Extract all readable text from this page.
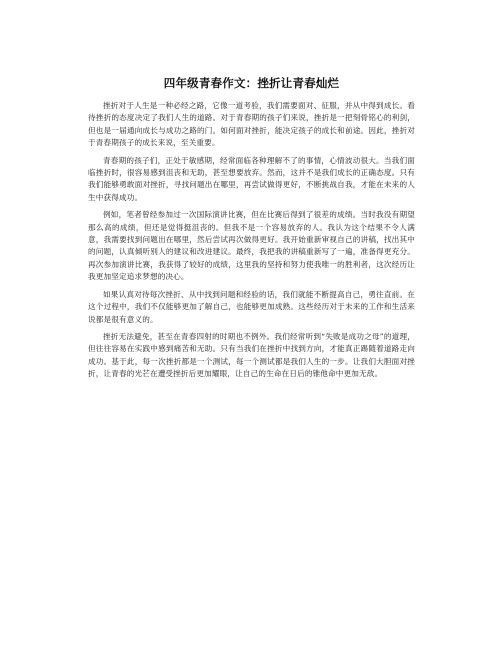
四年级青春作文：挫折让青春灿烂

挫折对于人生是一种必经之路，它像一道考验，我们需要面对、征服，并从中得到成长。看待挫折的态度决定了我们人生的道路。对于青春期的孩子们来说，挫折是一把刻骨铭心的利剑，但也是一届通向成长与成功之路的门。如何面对挫折，能决定孩子的成长和前途。因此，挫折对于青春期孩子的成长来说，至关重要。

青春期的孩子们，正处于敏感期，经常面临各种理解不了的事情，心情波动很大。当我们面临挫折时，很容易感到沮丧和无助，甚至想要放弃。然而，这并不是我们成长的正确态度。只有我们能够勇敢面对挫折，寻找问题出在哪里，再尝试做得更好，不断挑战自我，才能在未来的人生中获得成功。

例如，笔者曾经参加过一次国际演讲比赛，但在比赛后得到了很差的成绩。当时我没有期望那么高的成绩，但还是觉得挺沮丧的。但我不是一个容易放弃的人。我认为这个结果不令人满意，我需要找到问题出在哪里，然后尝试再次做得更好。我开始重新审视自己的讲稿，找出其中的问题，认真倾听别人的建议和改进建议。最终，我把我的讲稿重新写了一遍，准备得更充分。再次参加演讲比赛，我获得了较好的成绩，这里我的坚持和努力使我唯一的胜利者，这次经历让我更加坚定追求梦想的决心。

如果认真对待每次挫折、从中找到问题和经验的话，我们就能不断提高自己，勇往直前。在这个过程中，我们不仅能够更加了解自己，也能够更加成熟。这些经历对于未来的工作和生活来说都是很有意义的。

挫折无法避免，甚至在青春四射的时期也不例外。我们经常听到“失败是成功之母”的道理，但往往容易在实践中感到痛苦和无助。只有当我们在挫折中找到方向，才能真正踢随着道路走向成功。基于此，每一次挫折都是一个测试，每一个测试都是我们人生的一步。让我们大胆面对挫折，让青春的光芒在遭受挫折后更加耀眼，让自己的生命在日后的锥他命中更加无敌。
